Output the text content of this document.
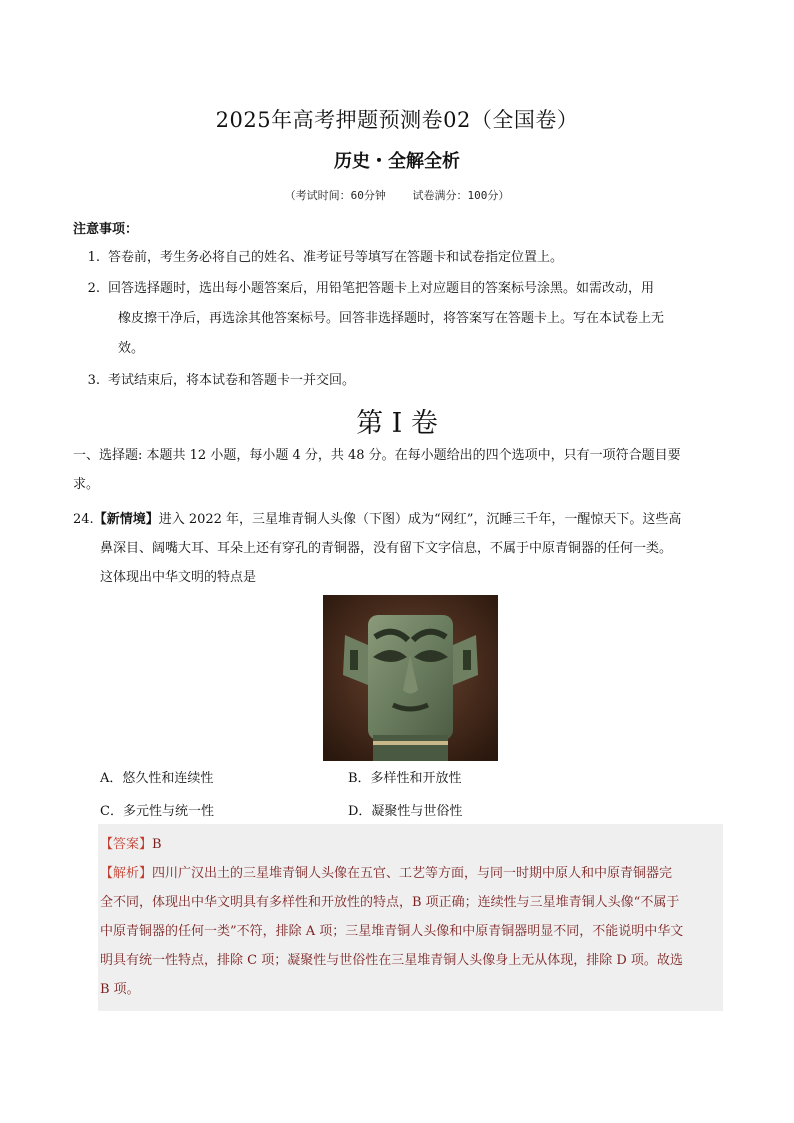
2025年高考押题预测卷02（全国卷）
历史・全解全析
（考试时间：60分钟 试卷满分：100分）
注意事项：
1. 答卷前，考生务必将自己的姓名、准考证号等填写在答题卡和试卷指定位置上。
2. 回答选择题时，选出每小题答案后，用铅笔把答题卡上对应题目的答案标号涂黑。如需改动，用
橡皮擦干净后，再选涂其他答案标号。回答非选择题时，将答案写在答题卡上。写在本试卷上无
效。
3. 考试结束后，将本试卷和答题卡一并交回。
第 I 卷
一、选择题: 本题共 12 小题，每小题 4 分，共 48 分。在每小题给出的四个选项中，只有一项符合题目要
求。
24.【新情境】进入 2022 年，三星堆青铜人头像（下图）成为“网红”，沉睡三千年，一醒惊天下。这些高
鼻深目、阔嘴大耳、耳朵上还有穿孔的青铜器，没有留下文字信息，不属于中原青铜器的任何一类。
这体现出中华文明的特点是
A．悠久性和连续性	B．多样性和开放性
C．多元性与统一性	D．凝聚性与世俗性
【答案】B
【解析】四川广汉出土的三星堆青铜人头像在五官、工艺等方面，与同一时期中原人和中原青铜器完
全不同，体现出中华文明具有多样性和开放性的特点，B 项正确；连续性与三星堆青铜人头像“不属于
中原青铜器的任何一类”不符，排除 A 项；三星堆青铜人头像和中原青铜器明显不同，不能说明中华文
明具有统一性特点，排除 C 项；凝聚性与世俗性在三星堆青铜人头像身上无从体现，排除 D 项。故选
B 项。
